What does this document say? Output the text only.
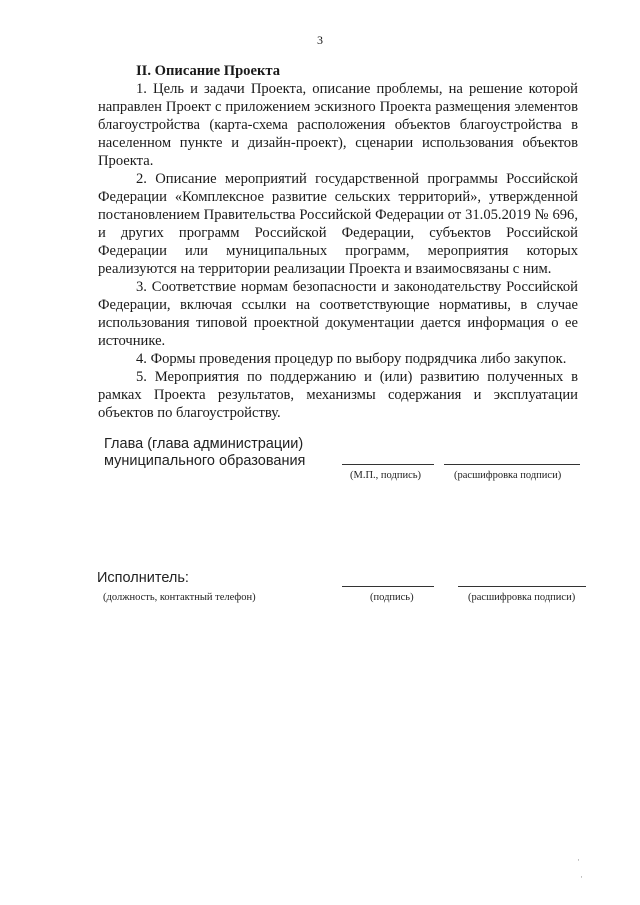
3

II. Описание Проекта

1. Цель и задачи Проекта, описание проблемы, на решение которой направлен Проект с приложением эскизного Проекта размещения элементов благоустройства (карта-схема расположения объектов благоустройства в населенном пункте и дизайн-проект), сценарии использования объектов Проекта.

2. Описание мероприятий государственной программы Российской Федерации «Комплексное развитие сельских территорий», утвержденной постановлением Правительства Российской Федерации от 31.05.2019 № 696, и других программ Российской Федерации, субъектов Российской Федерации или муниципальных программ, мероприятия которых реализуются на территории реализации Проекта и взаимосвязаны с ним.

3. Соответствие нормам безопасности и законодательству Российской Федерации, включая ссылки на соответствующие нормативы, в случае использования типовой проектной документации дается информация о ее источнике.

4. Формы проведения процедур по выбору подрядчика либо закупок.

5. Мероприятия по поддержанию и (или) развитию полученных в рамках Проекта результатов, механизмы содержания и эксплуатации объектов по благоустройству.

Глава (глава администрации)
муниципального образования
(М.П., подпись)	(расшифровка подписи)
Исполнитель:
(должность, контактный телефон)	(подпись)	(расшифровка подписи)
·
·
